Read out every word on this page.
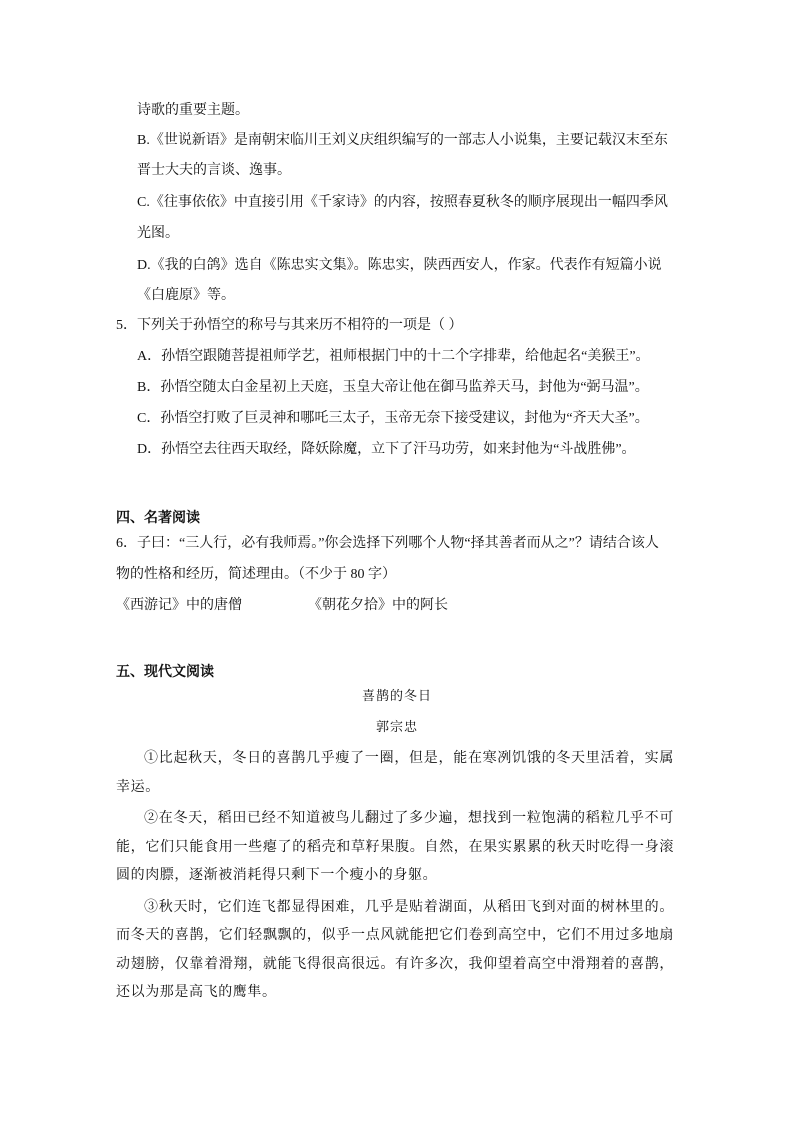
诗歌的重要主题。
B.《世说新语》是南朝宋临川王刘义庆组织编写的一部志人小说集，主要记载汉末至东
晋士大夫的言谈、逸事。
C.《往事依依》中直接引用《千家诗》的内容，按照春夏秋冬的顺序展现出一幅四季风
光图。
D.《我的白鸽》选自《陈忠实文集》。陈忠实，陕西西安人，作家。代表作有短篇小说
《白鹿原》等。
5．下列关于孙悟空的称号与其来历不相符的一项是（ ）
A．孙悟空跟随菩提祖师学艺，祖师根据门中的十二个字排辈，给他起名“美猴王”。
B．孙悟空随太白金星初上天庭，玉皇大帝让他在御马监养天马，封他为“弼马温”。
C．孙悟空打败了巨灵神和哪吒三太子，玉帝无奈下接受建议，封他为“齐天大圣”。
D．孙悟空去往西天取经，降妖除魔，立下了汗马功劳，如来封他为“斗战胜佛”。
四、名著阅读
6．子曰：“三人行，必有我师焉。”你会选择下列哪个人物“择其善者而从之”？请结合该人
物的性格和经历，简述理由。（不少于 80 字）
《西游记》中的唐僧	《朝花夕拾》中的阿长
五、现代文阅读
喜鹊的冬日
郭宗忠

①比起秋天，冬日的喜鹊几乎瘦了一圈，但是，能在寒冽饥饿的冬天里活着，实属幸运。

②在冬天，稻田已经不知道被鸟儿翻过了多少遍，想找到一粒饱满的稻粒几乎不可能，它们只能食用一些瘪了的稻壳和草籽果腹。自然，在果实累累的秋天时吃得一身滚圆的肉膘，逐渐被消耗得只剩下一个瘦小的身躯。

③秋天时，它们连飞都显得困难，几乎是贴着湖面，从稻田飞到对面的树林里的。而冬天的喜鹊，它们轻飘飘的，似乎一点风就能把它们卷到高空中，它们不用过多地扇动翅膀，仅靠着滑翔，就能飞得很高很远。有许多次，我仰望着高空中滑翔着的喜鹊，还以为那是高飞的鹰隼。
